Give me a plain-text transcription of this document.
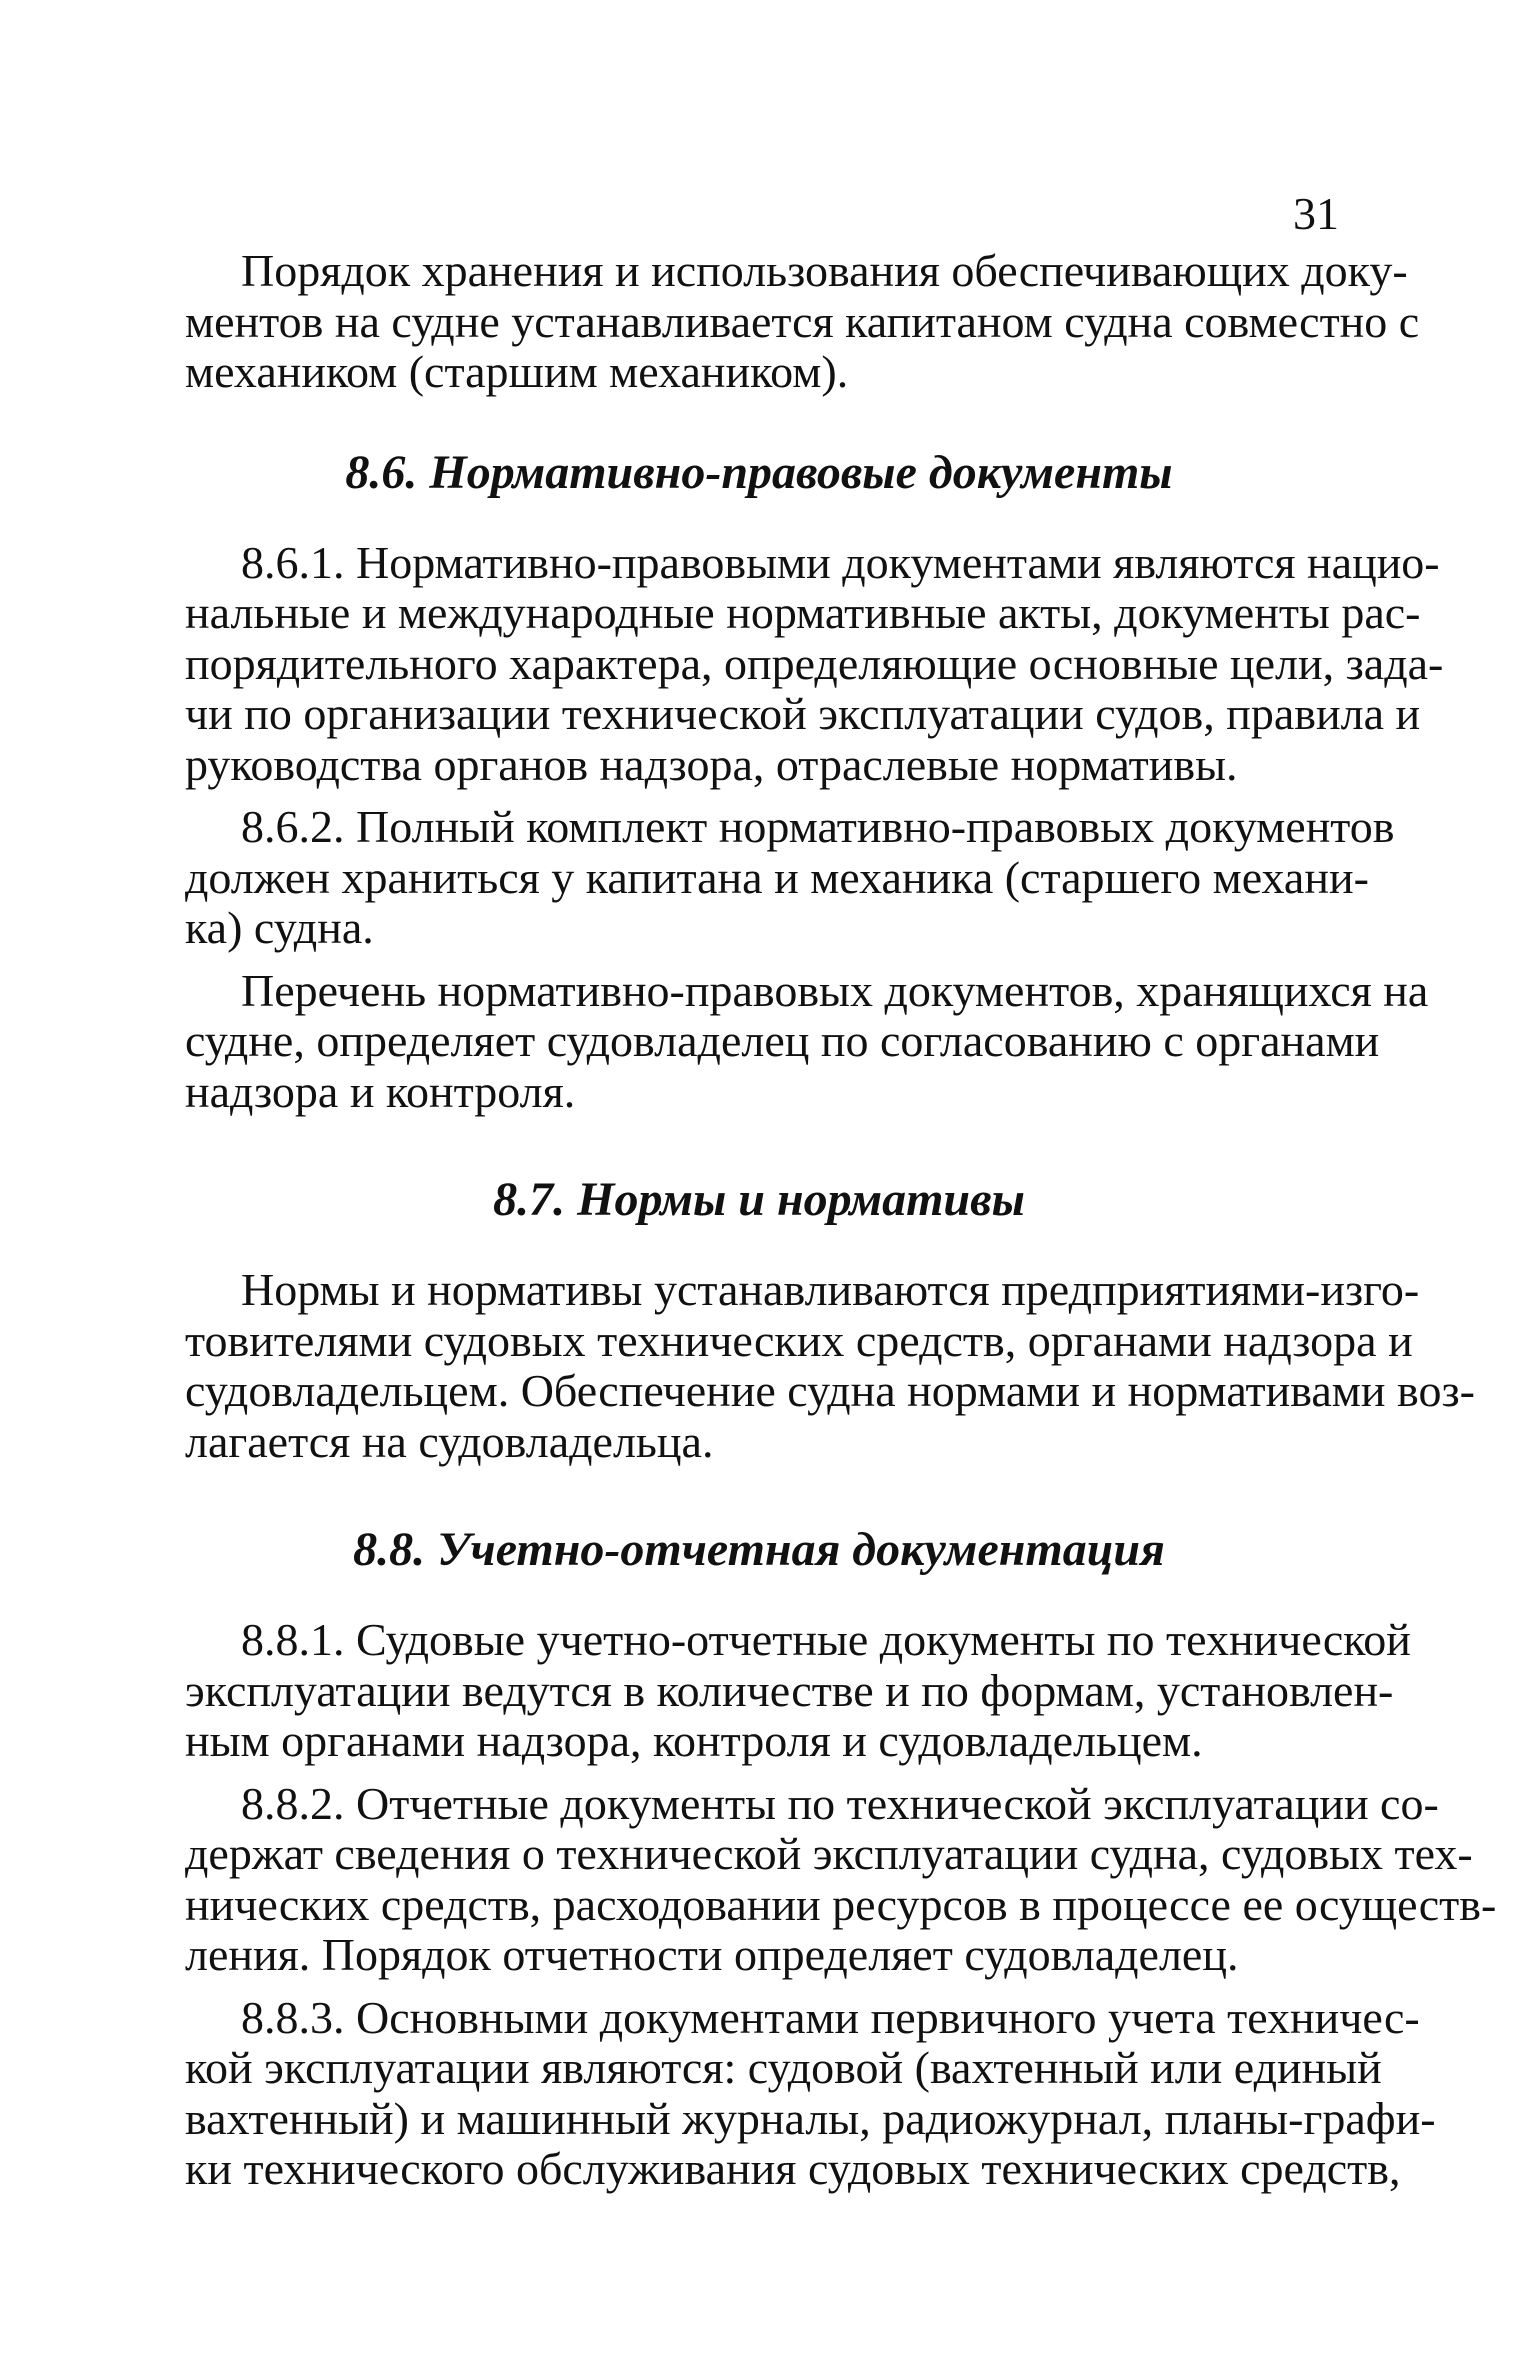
31
Порядок хранения и использования обеспечивающих доку-
ментов на судне устанавливается капитаном судна совместно с
механиком (старшим механиком).
8.6. Нормативно-правовые документы
8.6.1. Нормативно-правовыми документами являются нацио-
нальные и международные нормативные акты, документы рас-
порядительного характера, определяющие основные цели, зада-
чи по организации технической эксплуатации судов, правила и
руководства органов надзора, отраслевые нормативы.
8.6.2. Полный комплект нормативно-правовых документов
должен храниться у капитана и механика (старшего механи-
ка) судна.
Перечень нормативно-правовых документов, хранящихся на
судне, определяет судовладелец по согласованию с органами
надзора и контроля.
8.7. Нормы и нормативы
Нормы и нормативы устанавливаются предприятиями-изго-
товителями судовых технических средств, органами надзора и
судовладельцем. Обеспечение судна нормами и нормативами воз-
лагается на судовладельца.
8.8. Учетно-отчетная документация
8.8.1. Судовые учетно-отчетные документы по технической
эксплуатации ведутся в количестве и по формам, установлен-
ным органами надзора, контроля и судовладельцем.
8.8.2. Отчетные документы по технической эксплуатации со-
держат сведения о технической эксплуатации судна, судовых тех-
нических средств, расходовании ресурсов в процессе ее осуществ-
ления. Порядок отчетности определяет судовладелец.
8.8.3. Основными документами первичного учета техничес-
кой эксплуатации являются: судовой (вахтенный или единый
вахтенный) и машинный журналы, радиожурнал, планы-графи-
ки технического обслуживания судовых технических средств,
